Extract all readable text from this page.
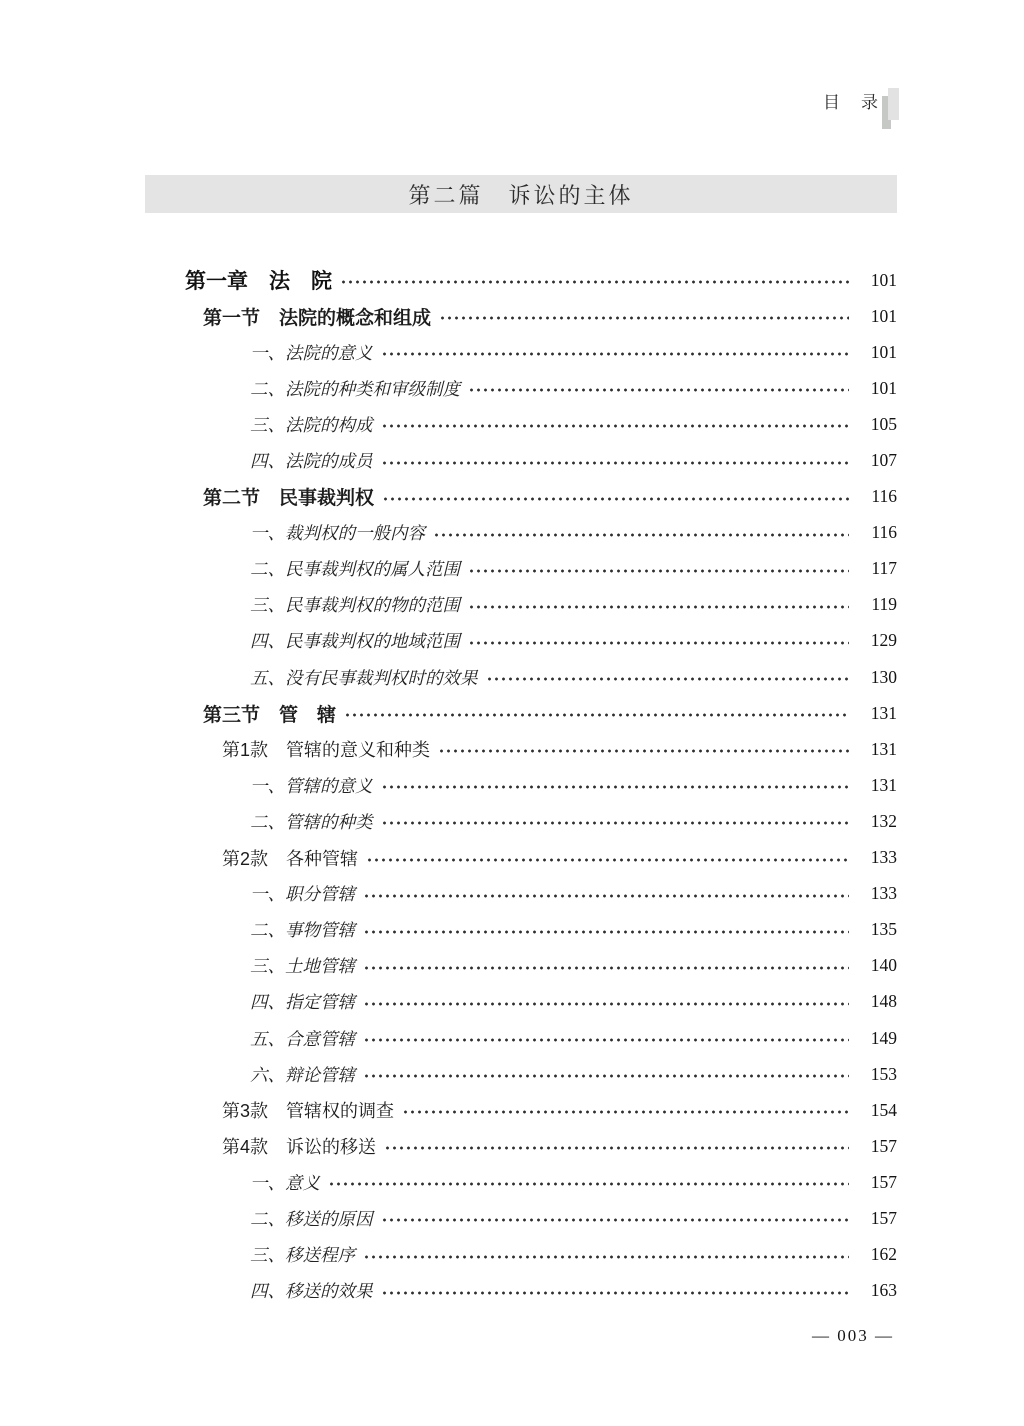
目　录
第二篇　诉讼的主体
第一章　法　院	101
第一节　法院的概念和组成	101
一、法院的意义	101
二、法院的种类和审级制度	101
三、法院的构成	105
四、法院的成员	107
第二节　民事裁判权	116
一、裁判权的一般内容	116
二、民事裁判权的属人范围	117
三、民事裁判权的物的范围	119
四、民事裁判权的地域范围	129
五、没有民事裁判权时的效果	130
第三节　管　辖	131
第1款　管辖的意义和种类	131
一、管辖的意义	131
二、管辖的种类	132
第2款　各种管辖	133
一、职分管辖	133
二、事物管辖	135
三、土地管辖	140
四、指定管辖	148
五、合意管辖	149
六、辩论管辖	153
第3款　管辖权的调查	154
第4款　诉讼的移送	157
一、意义	157
二、移送的原因	157
三、移送程序	162
四、移送的效果	163
— 003 —
